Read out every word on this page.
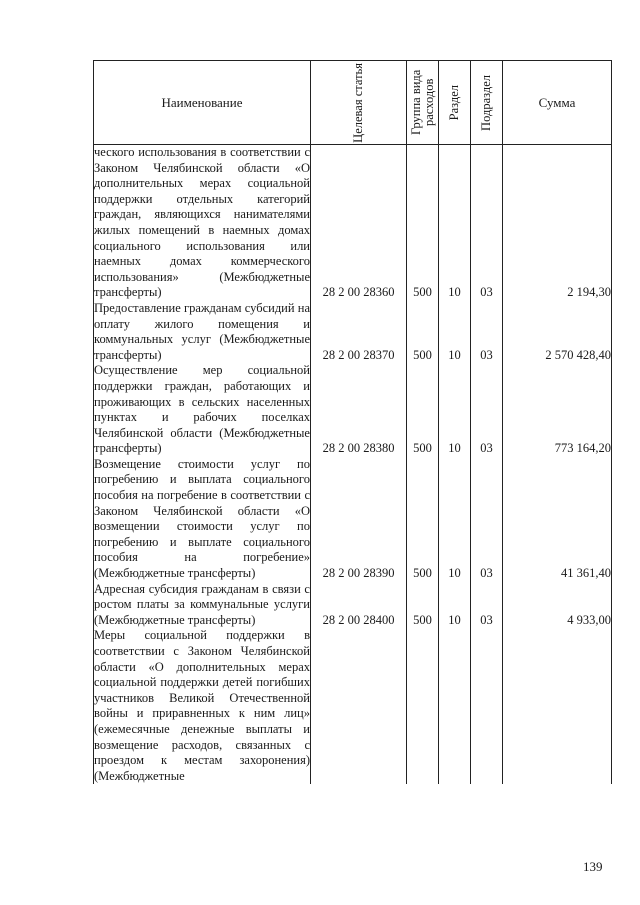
Наименование	Целевая статья	Группа вида расходов	Раздел	Подраздел	Сумма
ческого использования в соответствии с Законом Челябинской области «О дополнительных мерах социальной поддержки отдельных категорий граждан, являющихся нанимателями жилых помещений в наемных домах социального использования или наемных домах коммерческого использования» (Межбюджетные трансферты)	28 2 00 28360	500	10	03	2 194,30
Предоставление гражданам субсидий на оплату жилого помещения и коммунальных услуг (Межбюджетные трансферты)	28 2 00 28370	500	10	03	2 570 428,40
Осуществление мер социальной поддержки граждан, работающих и проживающих в сельских населенных пунктах и рабочих поселках Челябинской области (Межбюджетные трансферты)	28 2 00 28380	500	10	03	773 164,20
Возмещение стоимости услуг по погребению и выплата социального пособия на погребение в соответствии с Законом Челябинской области «О возмещении стоимости услуг по погребению и выплате социального пособия на погребение» (Межбюджетные трансферты)	28 2 00 28390	500	10	03	41 361,40
Адресная субсидия гражданам в связи с ростом платы за коммунальные услуги (Межбюджетные трансферты)	28 2 00 28400	500	10	03	4 933,00
Меры социальной поддержки в соответствии с Законом Челябинской области «О дополнительных мерах социальной поддержки детей погибших участников Великой Отечественной войны и приравненных к ним лиц» (ежемесячные денежные выплаты и возмещение расходов, связанных с проездом к местам захоронения) (Межбюджетные					
139
